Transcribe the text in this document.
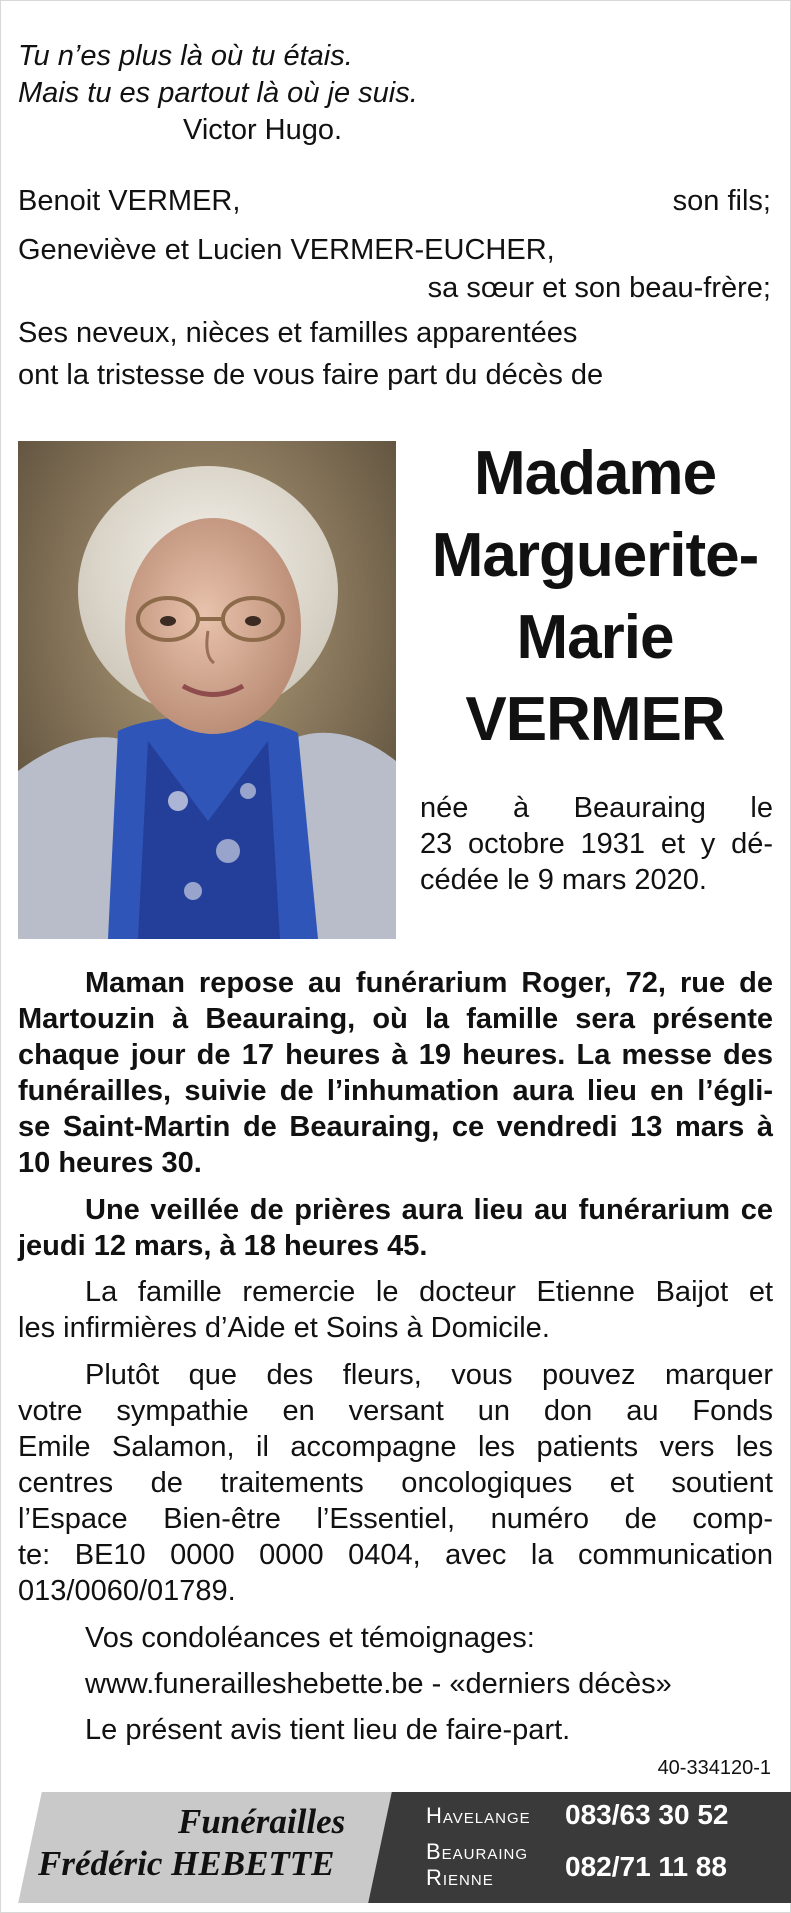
Tu n’es plus là où tu étais.
Mais tu es partout là où je suis.
Victor Hugo.
Benoit VERMER,	son fils;
Geneviève et Lucien VERMER-EUCHER,
sa sœur et son beau-frère;
Ses neveux, nièces et familles apparentées
ont la tristesse de vous faire part du décès de
Madame
Marguerite-
Marie
VERMER
née à Beauraing le
23 octobre 1931 et y dé-
cédée le 9 mars 2020.
Maman repose au funérarium Roger, 72, rue de
Martouzin à Beauraing, où la famille sera présente
chaque jour de 17 heures à 19 heures. La messe des
funérailles, suivie de l’inhumation aura lieu en l’égli-
se Saint-Martin de Beauraing, ce vendredi 13 mars à
10 heures 30.
Une veillée de prières aura lieu au funérarium ce
jeudi 12 mars, à 18 heures 45.
La famille remercie le docteur Etienne Baijot et
les infirmières d’Aide et Soins à Domicile.
Plutôt que des fleurs, vous pouvez marquer
votre sympathie en versant un don au Fonds
Emile Salamon, il accompagne les patients vers les
centres de traitements oncologiques et soutient
l’Espace Bien-être l’Essentiel, numéro de comp-
te: BE10 0000 0000 0404, avec la communication
013/0060/01789.
Vos condoléances et témoignages:
www.funerailleshebette.be - «derniers décès»
Le présent avis tient lieu de faire-part.
40-334120-1
Funérailles
Frédéric HEBETTE
Havelange 083/63 30 52
Beauraing
Rienne	082/71 11 88
